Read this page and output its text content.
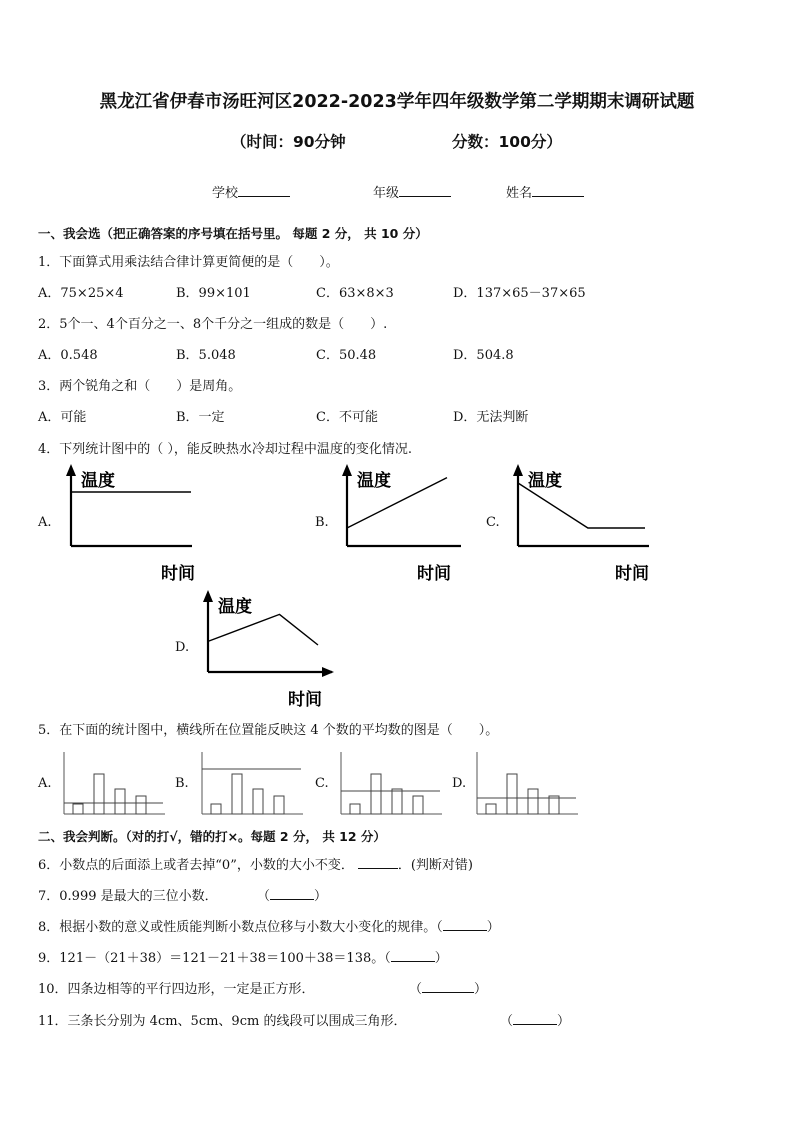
黑龙江省伊春市汤旺河区2022-2023学年四年级数学第二学期期末调研试题
（时间：90分钟	分数：100分）
学校	年级	姓名
一、我会选（把正确答案的序号填在括号里。 每题 2 分， 共 10 分）
1．下面算式用乘法结合律计算更简便的是（　　）。
A．75×25×4	B．99×101	C．63×8×3	D．137×65－37×65
2．5个一、4个百分之一、8个千分之一组成的数是（　　）.
A．0.548	B．5.048	C．50.48	D．504.8
3．两个锐角之和（　　）是周角。
A．可能	B．一定	C．不可能	D．无法判断
4．下列统计图中的（ ），能反映热水冷却过程中温度的变化情况.
A.	B.	C.
D.
温度
时间
温度
时间
温度
时间
温度
时间
5．在下面的统计图中，横线所在位置能反映这 4 个数的平均数的图是（　　）。
A.	B.	C.	D.
二、我会判断。（对的打√，错的打×。每题 2 分， 共 12 分）
6．小数点的后面添上或者去掉“0”，小数的大小不变．	．(判断对错)
7．0.999 是最大的三位小数．	（	）
8．根据小数的意义或性质能判断小数点位移与小数大小变化的规律。（	）
9．121－（21＋38）＝121－21＋38＝100＋38＝138。（	）
10．四条边相等的平行四边形，一定是正方形．	（	）
11．三条长分别为 4cm、5cm、9cm 的线段可以围成三角形．	（	）
